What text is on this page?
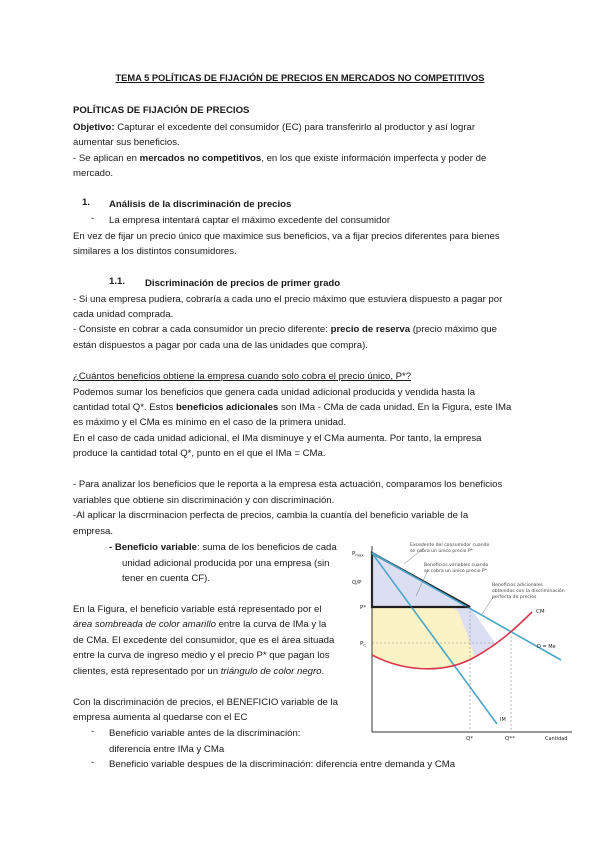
TEMA 5 POLÍTICAS DE FIJACIÓN DE PRECIOS EN MERCADOS NO COMPETITIVOS
POLÍTICAS DE FIJACIÓN DE PRECIOS
Objetivo: Capturar el excedente del consumidor (EC) para transferirlo al productor y así lograr
aumentar sus beneficios.
- Se aplican en mercados no competitivos, en los que existe información imperfecta y poder de
mercado.
1. Análisis de la discriminación de precios
- La empresa intentará captar el máximo excedente del consumidor
En vez de fijar un precio único que maximice sus beneficios, va a fijar precios diferentes para bienes
similares a los distintos consumidores.
1.1. Discriminación de precios de primer grado
- Si una empresa pudiera, cobraría a cada uno el precio máximo que estuviera dispuesto a pagar por
cada unidad comprada.
- Consiste en cobrar a cada consumidor un precio diferente: precio de reserva (precio máximo que
están dispuestos a pagar por cada una de las unidades que compra).
¿Cuántos beneficios obtiene la empresa cuando solo cobra el precio único, P*?
Podemos sumar los beneficios que genera cada unidad adicional producida y vendida hasta la
cantidad total Q*. Estos beneficios adicionales son IMa - CMa de cada unidad. En la Figura, este IMa
es máximo y el CMa es mínimo en el caso de la primera unidad.
En el caso de cada unidad adicional, el IMa disminuye y el CMa aumenta. Por tanto, la empresa
produce la cantidad total Q*, punto en el que el IMa = CMa.
- Para analizar los beneficios que le reporta a la empresa esta actuación, comparamos los beneficios
variables que obtiene sin discriminación y con discriminación.
-Al aplicar la discrminacion perfecta de precios, cambia la cuantía del beneficio variable de la
empresa.
- Beneficio variable: suma de los beneficios de cada
unidad adicional producida por una empresa (sin
tener en cuenta CF).
En la Figura, el beneficio variable está representado por el
área sombreada de color amarillo entre la curva de IMa y la
de CMa. El excedente del consumidor, que es el área situada
entre la curva de ingreso medio y el precio P* que pagan los
clientes, está representado por un triángulo de color negro.
Con la discriminación de precios, el BENEFICIO variable de la
empresa aumenta al quedarse con el EC
- Beneficio variable antes de la discriminación:
diferencia entre IMa y CMa
- Beneficio variable despues de la discriminación: diferencia entre demanda y CMa
$P_{máx}$
Q/P
P*
$P_C$
Q*	Q**	Cantidad
CM
D = Me
IM
Excedente del consumidor cuando
se cobra un único precio P*
Beneficios variables cuando
se cobra un único precio P*
Beneficios adicionales
obtenidos con la discriminación
perfecta de precios
